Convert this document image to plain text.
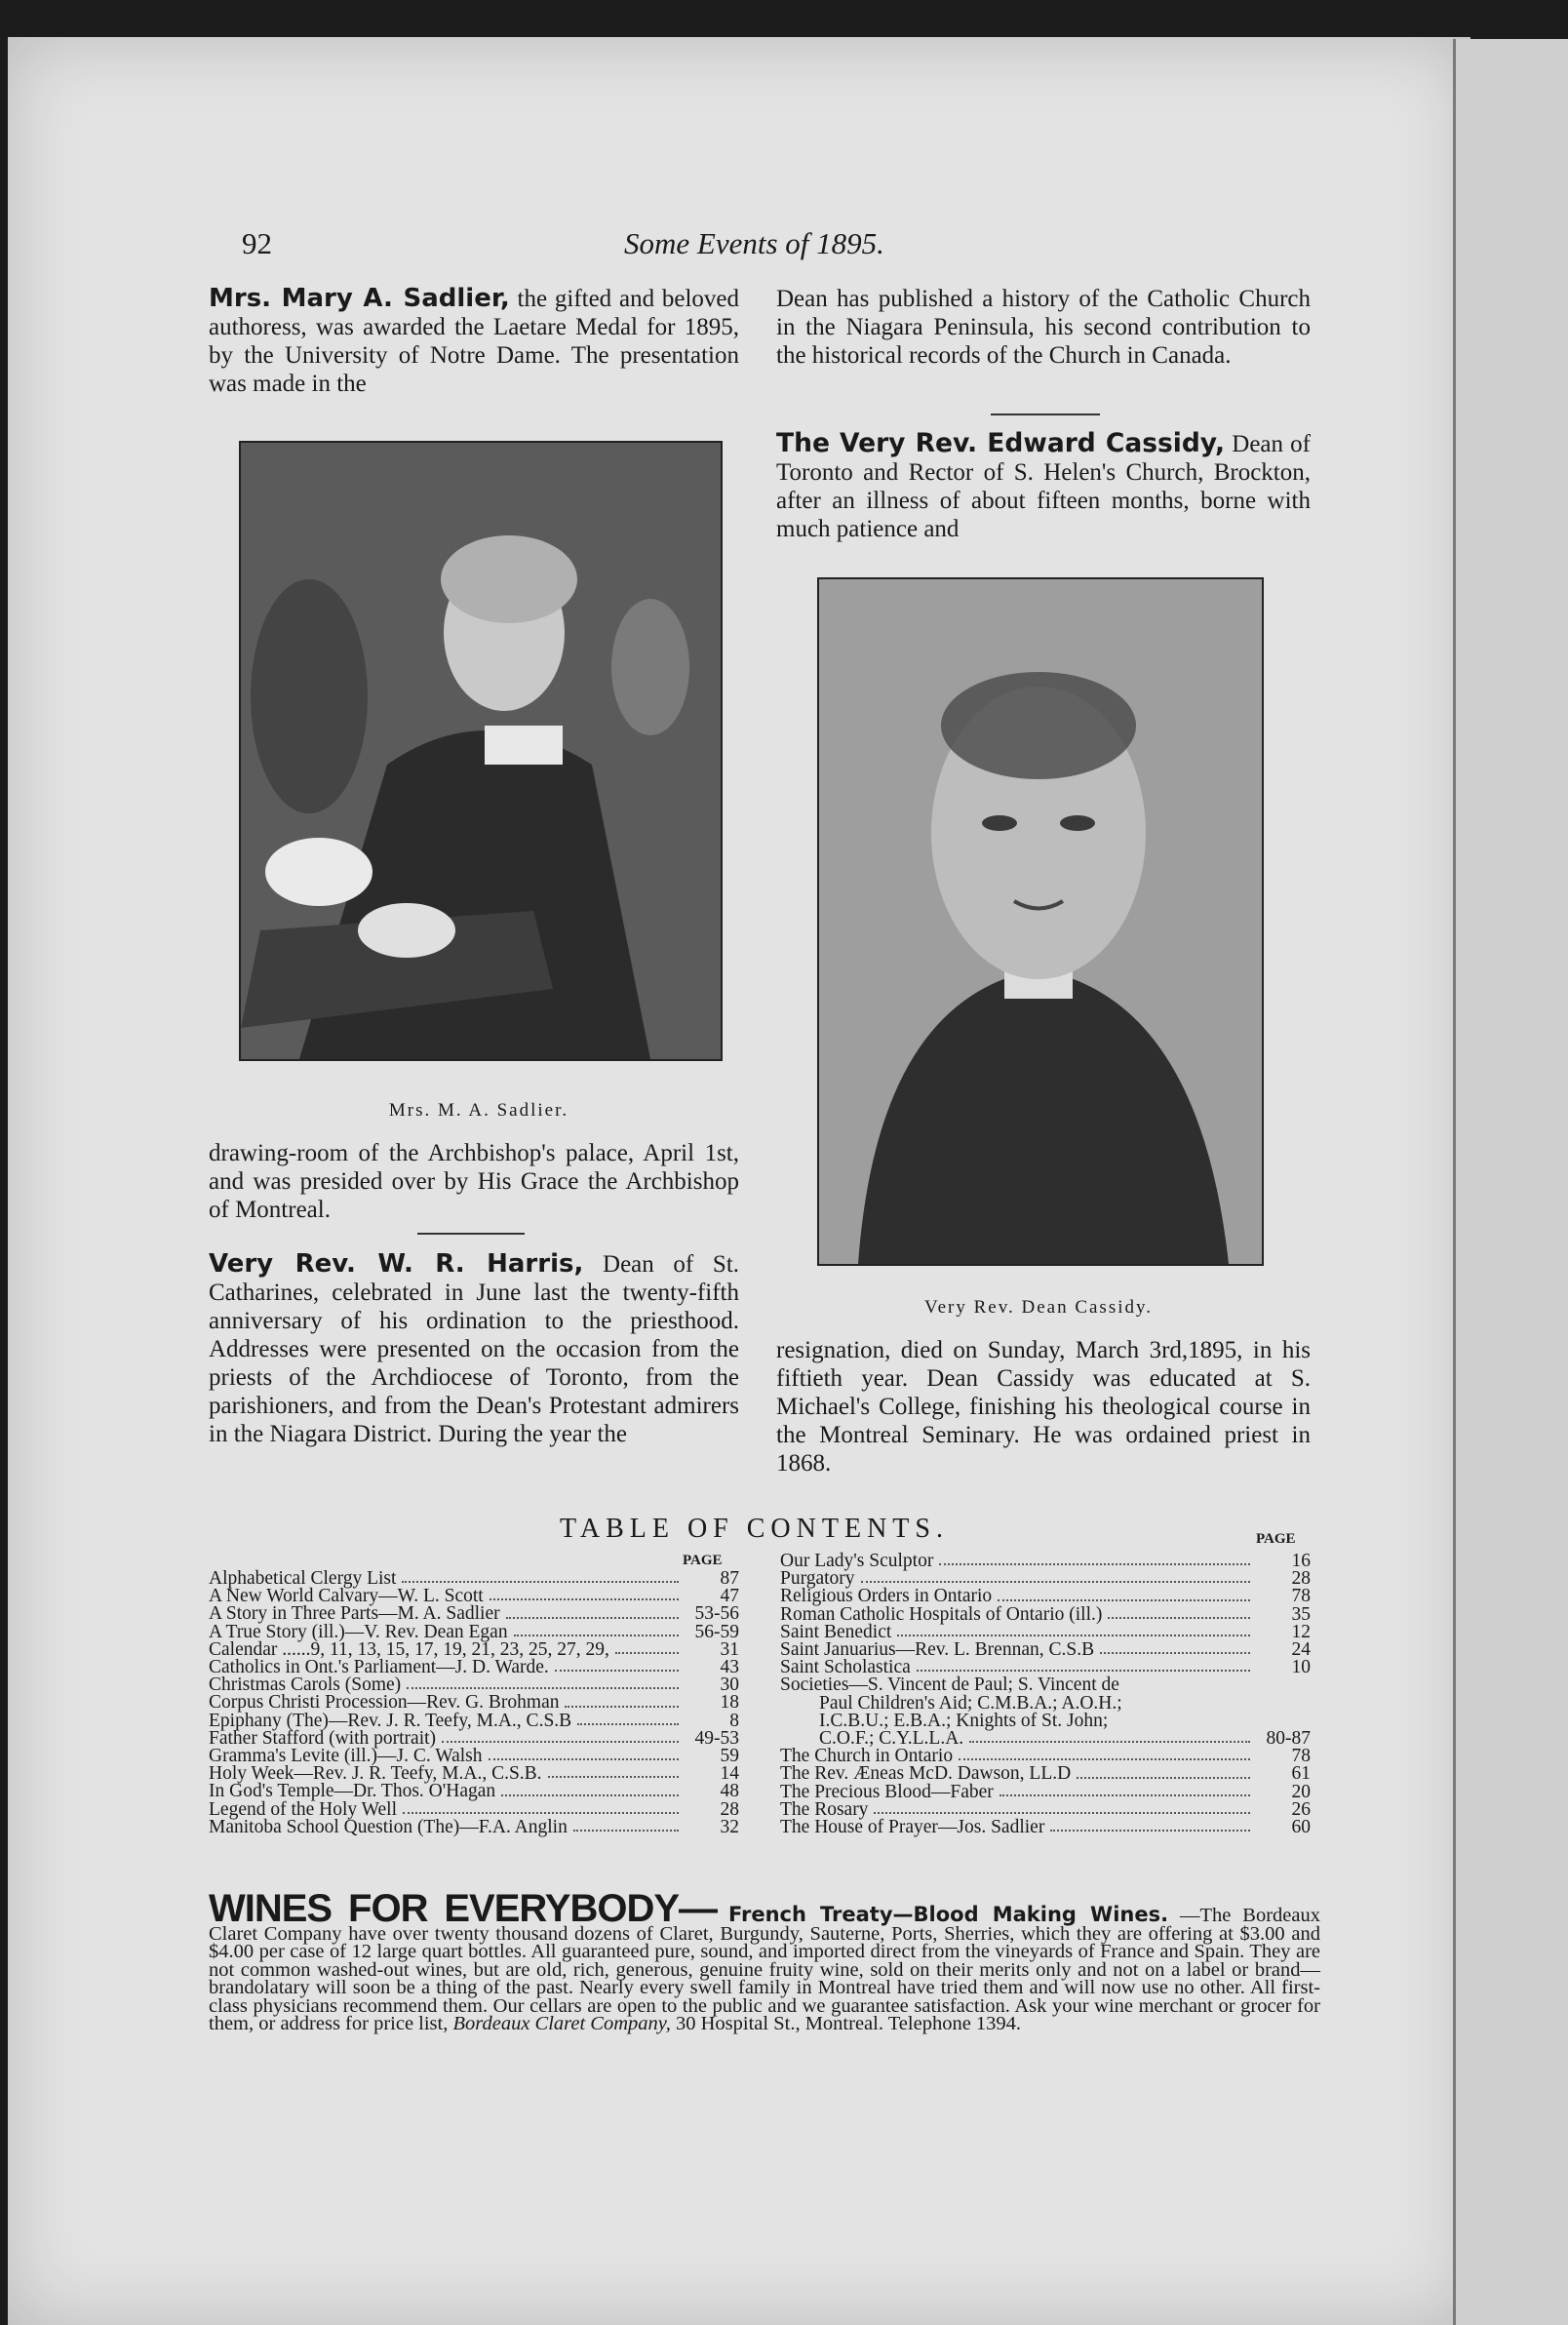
92	Some Events of 1895.
Mrs. Mary A. Sadlier, the gifted and beloved authoress, was awarded the Laetare Medal for 1895, by the University of Notre Dame. The presentation was made in the
Mrs. M. A. Sadlier.
drawing-room of the Archbishop's palace, April 1st, and was presided over by His Grace the Archbishop of Montreal.
Very Rev. W. R. Harris, Dean of St. Catharines, celebrated in June last the twenty-fifth anniversary of his ordination to the priesthood. Addresses were presented on the occasion from the priests of the Archdiocese of Toronto, from the parishioners, and from the Dean's Protestant admirers in the Niagara District. During the year the
Dean has published a history of the Catholic Church in the Niagara Peninsula, his second contribution to the historical records of the Church in Canada.
The Very Rev. Edward Cassidy, Dean of Toronto and Rector of S. Helen's Church, Brockton, after an illness of about fifteen months, borne with much patience and
Very Rev. Dean Cassidy.
resignation, died on Sunday, March 3rd,1895, in his fiftieth year. Dean Cassidy was educated at S. Michael's College, finishing his theological course in the Montreal Seminary. He was ordained priest in 1868.
TABLE OF CONTENTS.
PAGE
PAGE
Alphabetical Clergy List	87
A New World Calvary—W. L. Scott	47
A Story in Three Parts—M. A. Sadlier	53-56
A True Story (ill.)—V. Rev. Dean Egan	56-59
Calendar ......9, 11, 13, 15, 17, 19, 21, 23, 25, 27, 29,	31
Catholics in Ont.'s Parliament—J. D. Warde.	43
Christmas Carols (Some)	30
Corpus Christi Procession—Rev. G. Brohman	18
Epiphany (The)—Rev. J. R. Teefy, M.A., C.S.B	8
Father Stafford (with portrait)	49-53
Gramma's Levite (ill.)—J. C. Walsh	59
Holy Week—Rev. J. R. Teefy, M.A., C.S.B.	14
In God's Temple—Dr. Thos. O'Hagan	48
Legend of the Holy Well	28
Manitoba School Question (The)—F.A. Anglin	32
Our Lady's Sculptor	16
Purgatory	28
Religious Orders in Ontario	78
Roman Catholic Hospitals of Ontario (ill.)	35
Saint Benedict	12
Saint Januarius—Rev. L. Brennan, C.S.B	24
Saint Scholastica	10
Societies—S. Vincent de Paul; S. Vincent de
Paul Children's Aid; C.M.B.A.; A.O.H.;
I.C.B.U.; E.B.A.; Knights of St. John;
C.O.F.; C.Y.L.L.A.	80-87
The Church in Ontario	78
The Rev. Æneas McD. Dawson, LL.D	61
The Precious Blood—Faber	20
The Rosary	26
The House of Prayer—Jos. Sadlier	60
WINES FOR EVERYBODY— French Treaty—Blood Making Wines. —The Bordeaux Claret Company have over twenty thousand dozens of Claret, Burgundy, Sauterne, Ports, Sherries, which they are offering at $3.00 and $4.00 per case of 12 large quart bottles. All guaranteed pure, sound, and imported direct from the vineyards of France and Spain. They are not common washed-out wines, but are old, rich, generous, genuine fruity wine, sold on their merits only and not on a label or brand—brandolatary will soon be a thing of the past. Nearly every swell family in Montreal have tried them and will now use no other. All first-class physicians recommend them. Our cellars are open to the public and we guarantee satisfaction. Ask your wine merchant or grocer for them, or address for price list, Bordeaux Claret Company, 30 Hospital St., Montreal. Telephone 1394.
